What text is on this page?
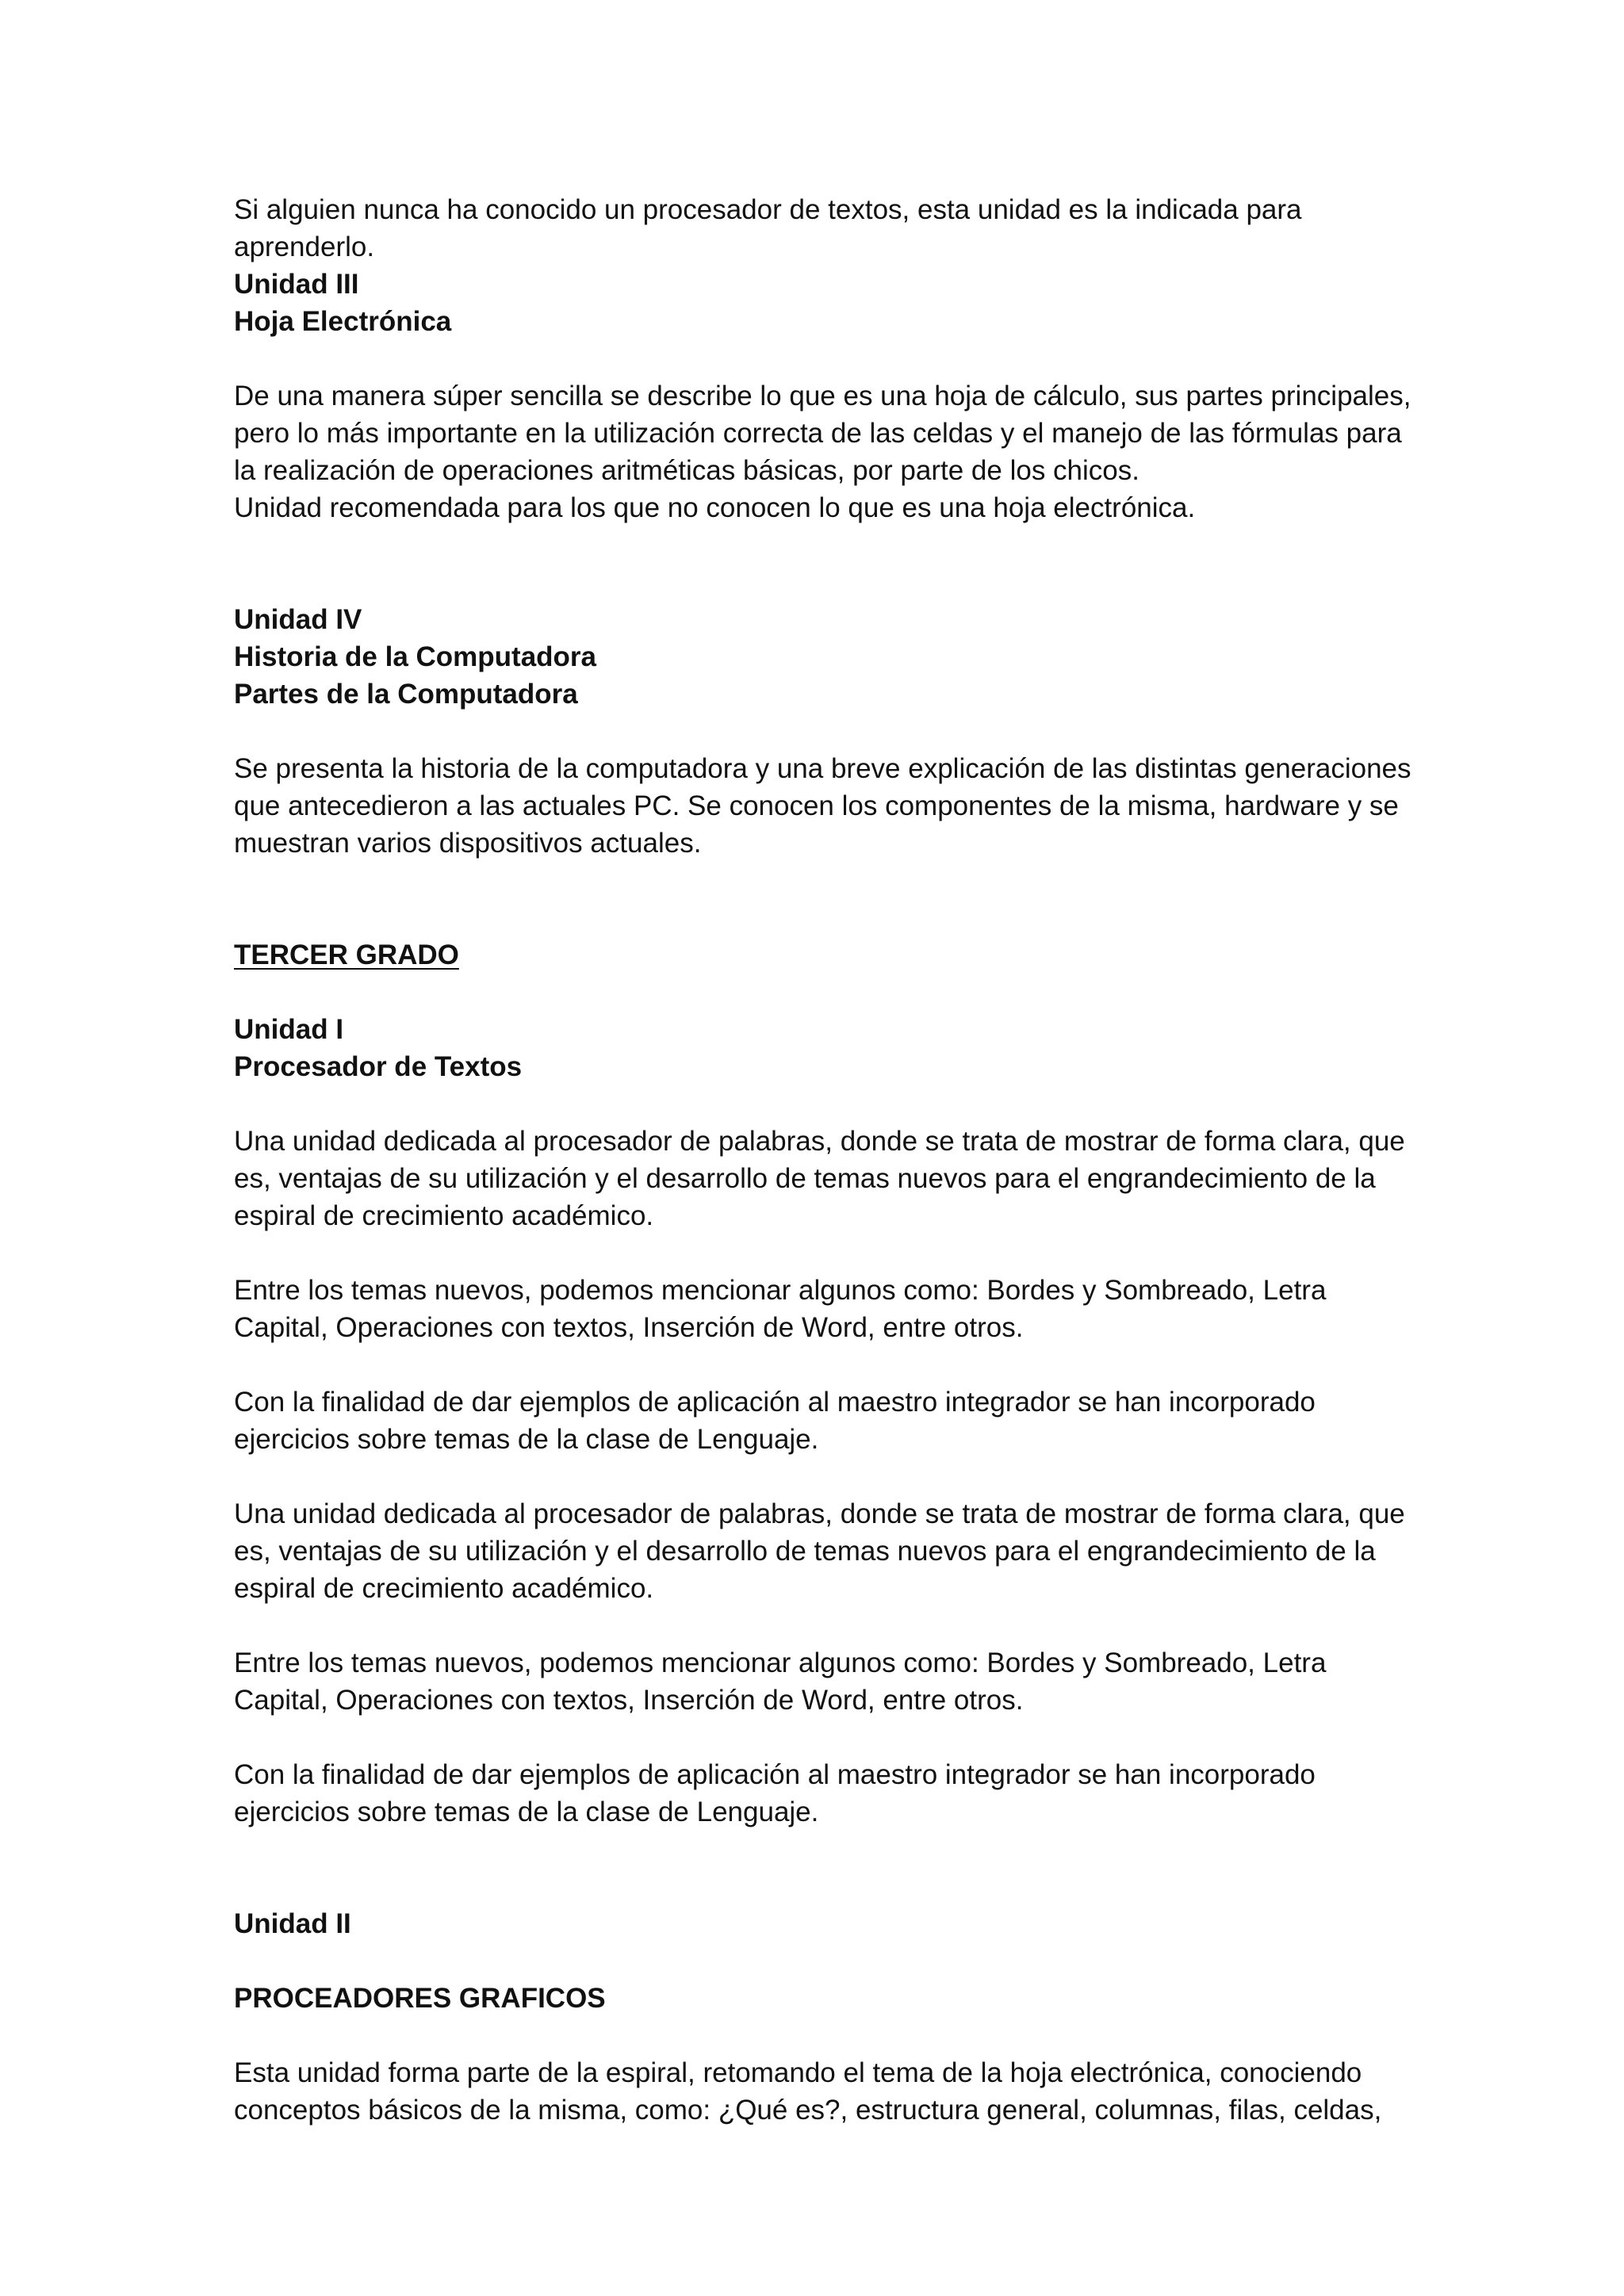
Si alguien nunca ha conocido un procesador de textos, esta unidad es la indicada para
aprenderlo.
Unidad III
Hoja Electrónica
De una manera súper sencilla se describe lo que es una hoja de cálculo, sus partes principales,
pero lo más importante en la utilización correcta de las celdas y el manejo de las fórmulas para
la realización de operaciones aritméticas básicas, por parte de los chicos.
Unidad recomendada para los que no conocen lo que es una hoja electrónica.
Unidad IV
Historia de la Computadora
Partes de la Computadora
Se presenta la historia de la computadora y una breve explicación de las distintas generaciones
que antecedieron a las actuales PC. Se conocen los componentes de la misma, hardware y se
muestran varios dispositivos actuales.
TERCER GRADO
Unidad I
Procesador de Textos
Una unidad dedicada al procesador de palabras, donde se trata de mostrar de forma clara, que
es, ventajas de su utilización y el desarrollo de temas nuevos para el engrandecimiento de la
espiral de crecimiento académico.
Entre los temas nuevos, podemos mencionar algunos como: Bordes y Sombreado, Letra
Capital, Operaciones con textos, Inserción de Word, entre otros.
Con la finalidad de dar ejemplos de aplicación al maestro integrador se han incorporado
ejercicios sobre temas de la clase de Lenguaje.
Una unidad dedicada al procesador de palabras, donde se trata de mostrar de forma clara, que
es, ventajas de su utilización y el desarrollo de temas nuevos para el engrandecimiento de la
espiral de crecimiento académico.
Entre los temas nuevos, podemos mencionar algunos como: Bordes y Sombreado, Letra
Capital, Operaciones con textos, Inserción de Word, entre otros.
Con la finalidad de dar ejemplos de aplicación al maestro integrador se han incorporado
ejercicios sobre temas de la clase de Lenguaje.
Unidad II
PROCEADORES GRAFICOS
Esta unidad forma parte de la espiral, retomando el tema de la hoja electrónica, conociendo
conceptos básicos de la misma, como: ¿Qué es?, estructura general, columnas, filas, celdas,
